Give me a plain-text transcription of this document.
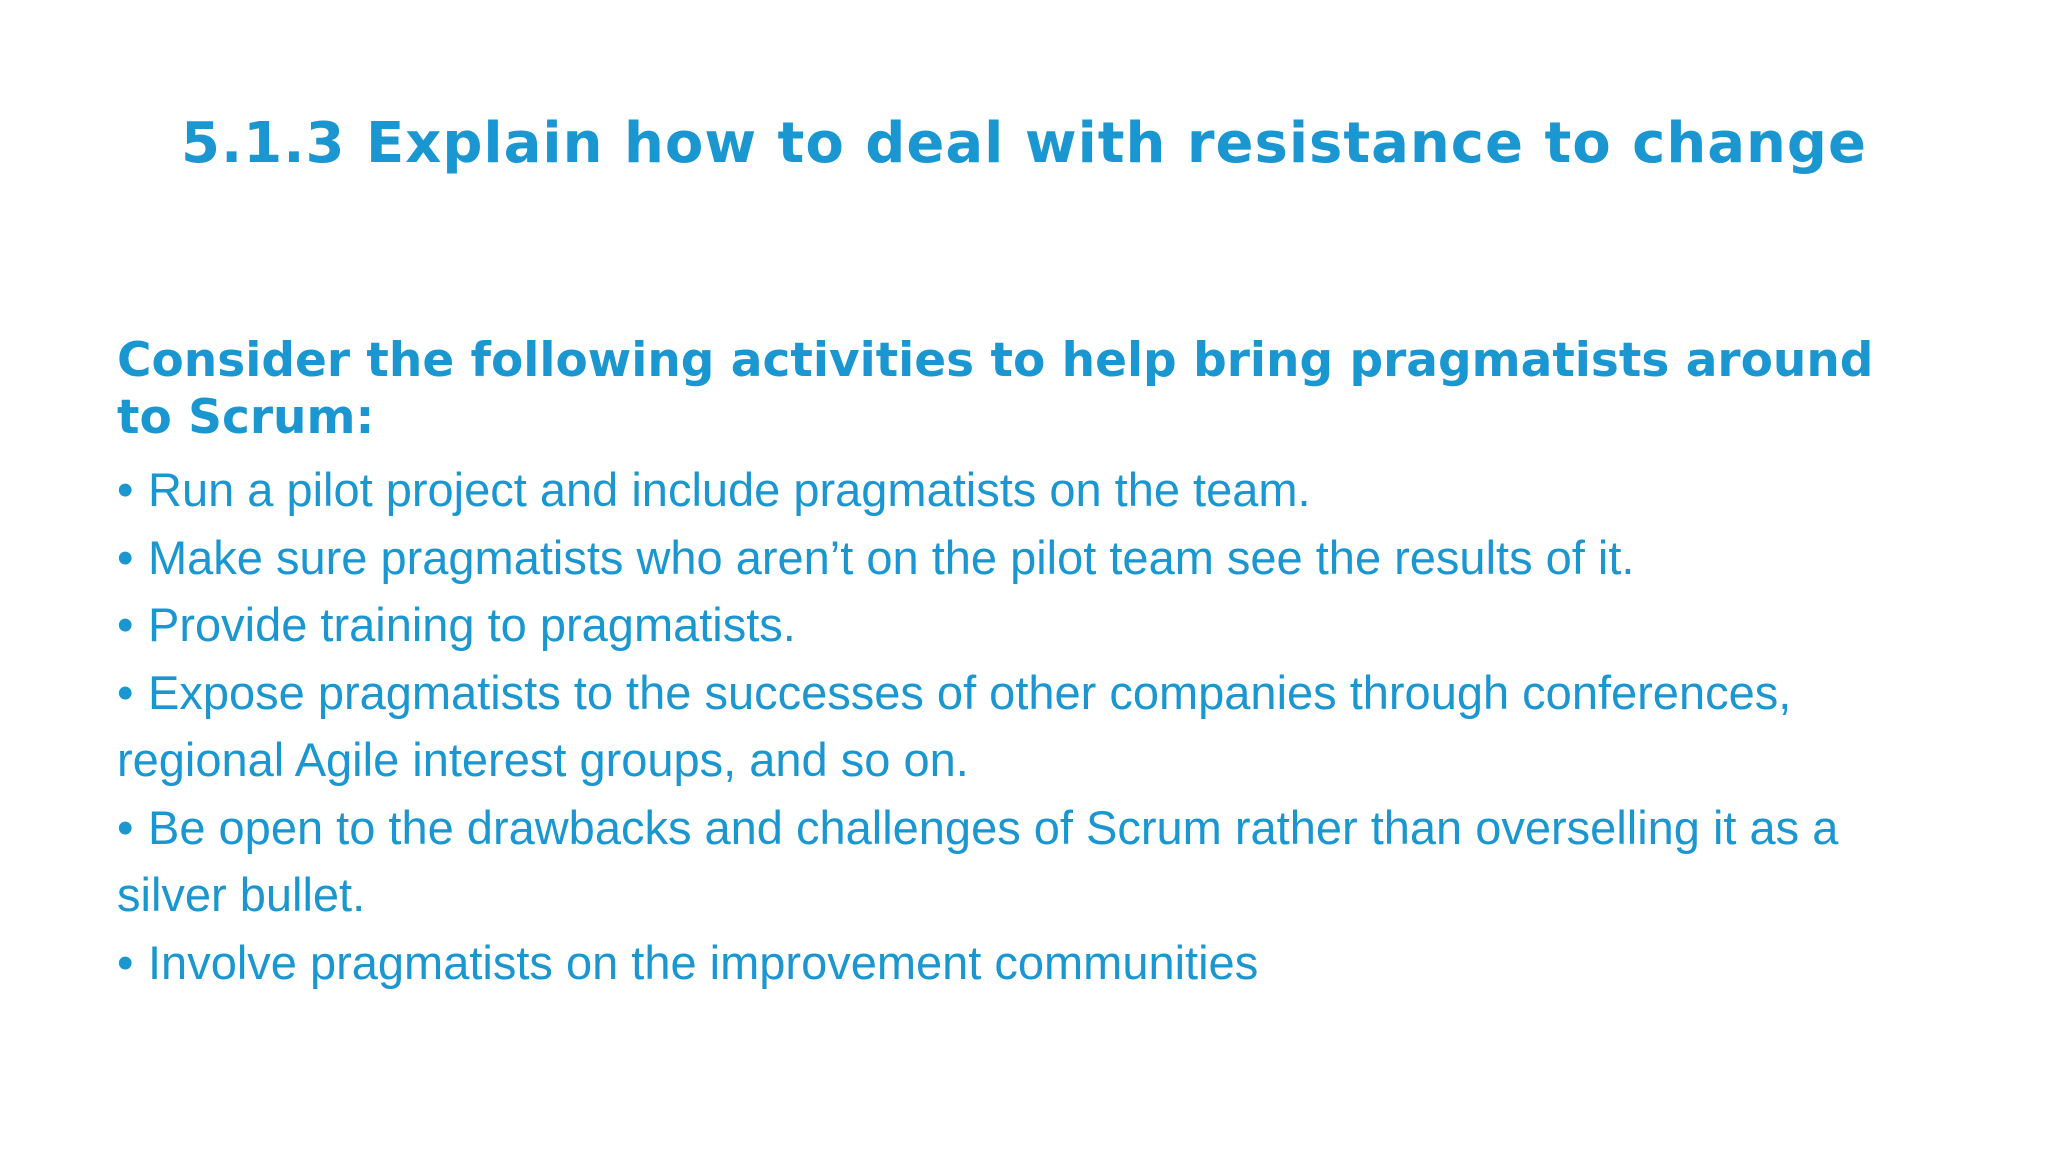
5.1.3 Explain how to deal with resistance to change
Consider the following activities to help bring pragmatists around to Scrum:
• Run a pilot project and include pragmatists on the team.
• Make sure pragmatists who aren’t on the pilot team see the results of it.
• Provide training to pragmatists.
• Expose pragmatists to the successes of other companies through conferences, regional Agile interest groups, and so on.
• Be open to the drawbacks and challenges of Scrum rather than overselling it as a silver bullet.
• Involve pragmatists on the improvement communities
